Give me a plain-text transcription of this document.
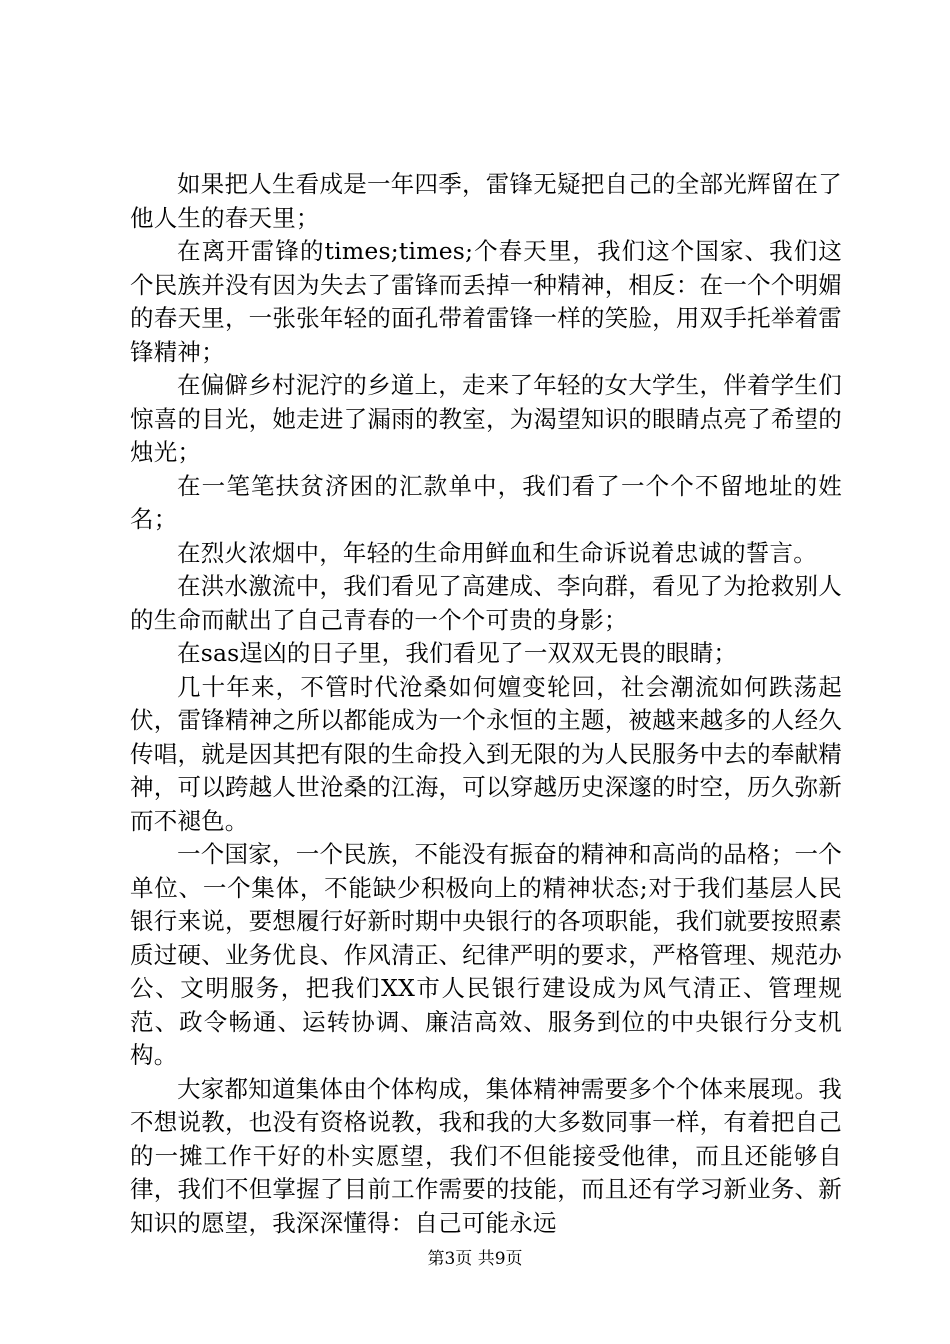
如果把人生看成是一年四季，雷锋无疑把自己的全部光辉留在了他人生的春天里；

在离开雷锋的times;times;个春天里，我们这个国家、我们这个民族并没有因为失去了雷锋而丢掉一种精神，相反：在一个个明媚的春天里，一张张年轻的面孔带着雷锋一样的笑脸，用双手托举着雷锋精神；

在偏僻乡村泥泞的乡道上，走来了年轻的女大学生，伴着学生们惊喜的目光，她走进了漏雨的教室，为渴望知识的眼睛点亮了希望的烛光；

在一笔笔扶贫济困的汇款单中，我们看了一个个不留地址的姓名；

在烈火浓烟中，年轻的生命用鲜血和生命诉说着忠诚的誓言。

在洪水激流中，我们看见了高建成、李向群，看见了为抢救别人的生命而献出了自己青春的一个个可贵的身影；

在sas逞凶的日子里，我们看见了一双双无畏的眼睛；

几十年来，不管时代沧桑如何嬗变轮回，社会潮流如何跌荡起伏，雷锋精神之所以都能成为一个永恒的主题，被越来越多的人经久传唱，就是因其把有限的生命投入到无限的为人民服务中去的奉献精神，可以跨越人世沧桑的江海，可以穿越历史深邃的时空，历久弥新而不褪色。

一个国家，一个民族，不能没有振奋的精神和高尚的品格；一个单位、一个集体，不能缺少积极向上的精神状态;对于我们基层人民银行来说，要想履行好新时期中央银行的各项职能，我们就要按照素质过硬、业务优良、作风清正、纪律严明的要求，严格管理、规范办公、文明服务，把我们XX市人民银行建设成为风气清正、管理规范、政令畅通、运转协调、廉洁高效、服务到位的中央银行分支机构。

大家都知道集体由个体构成，集体精神需要多个个体来展现。我不想说教，也没有资格说教，我和我的大多数同事一样，有着把自己的一摊工作干好的朴实愿望，我们不但能接受他律，而且还能够自律，我们不但掌握了目前工作需要的技能，而且还有学习新业务、新知识的愿望，我深深懂得：自己可能永远

第3页 共9页
